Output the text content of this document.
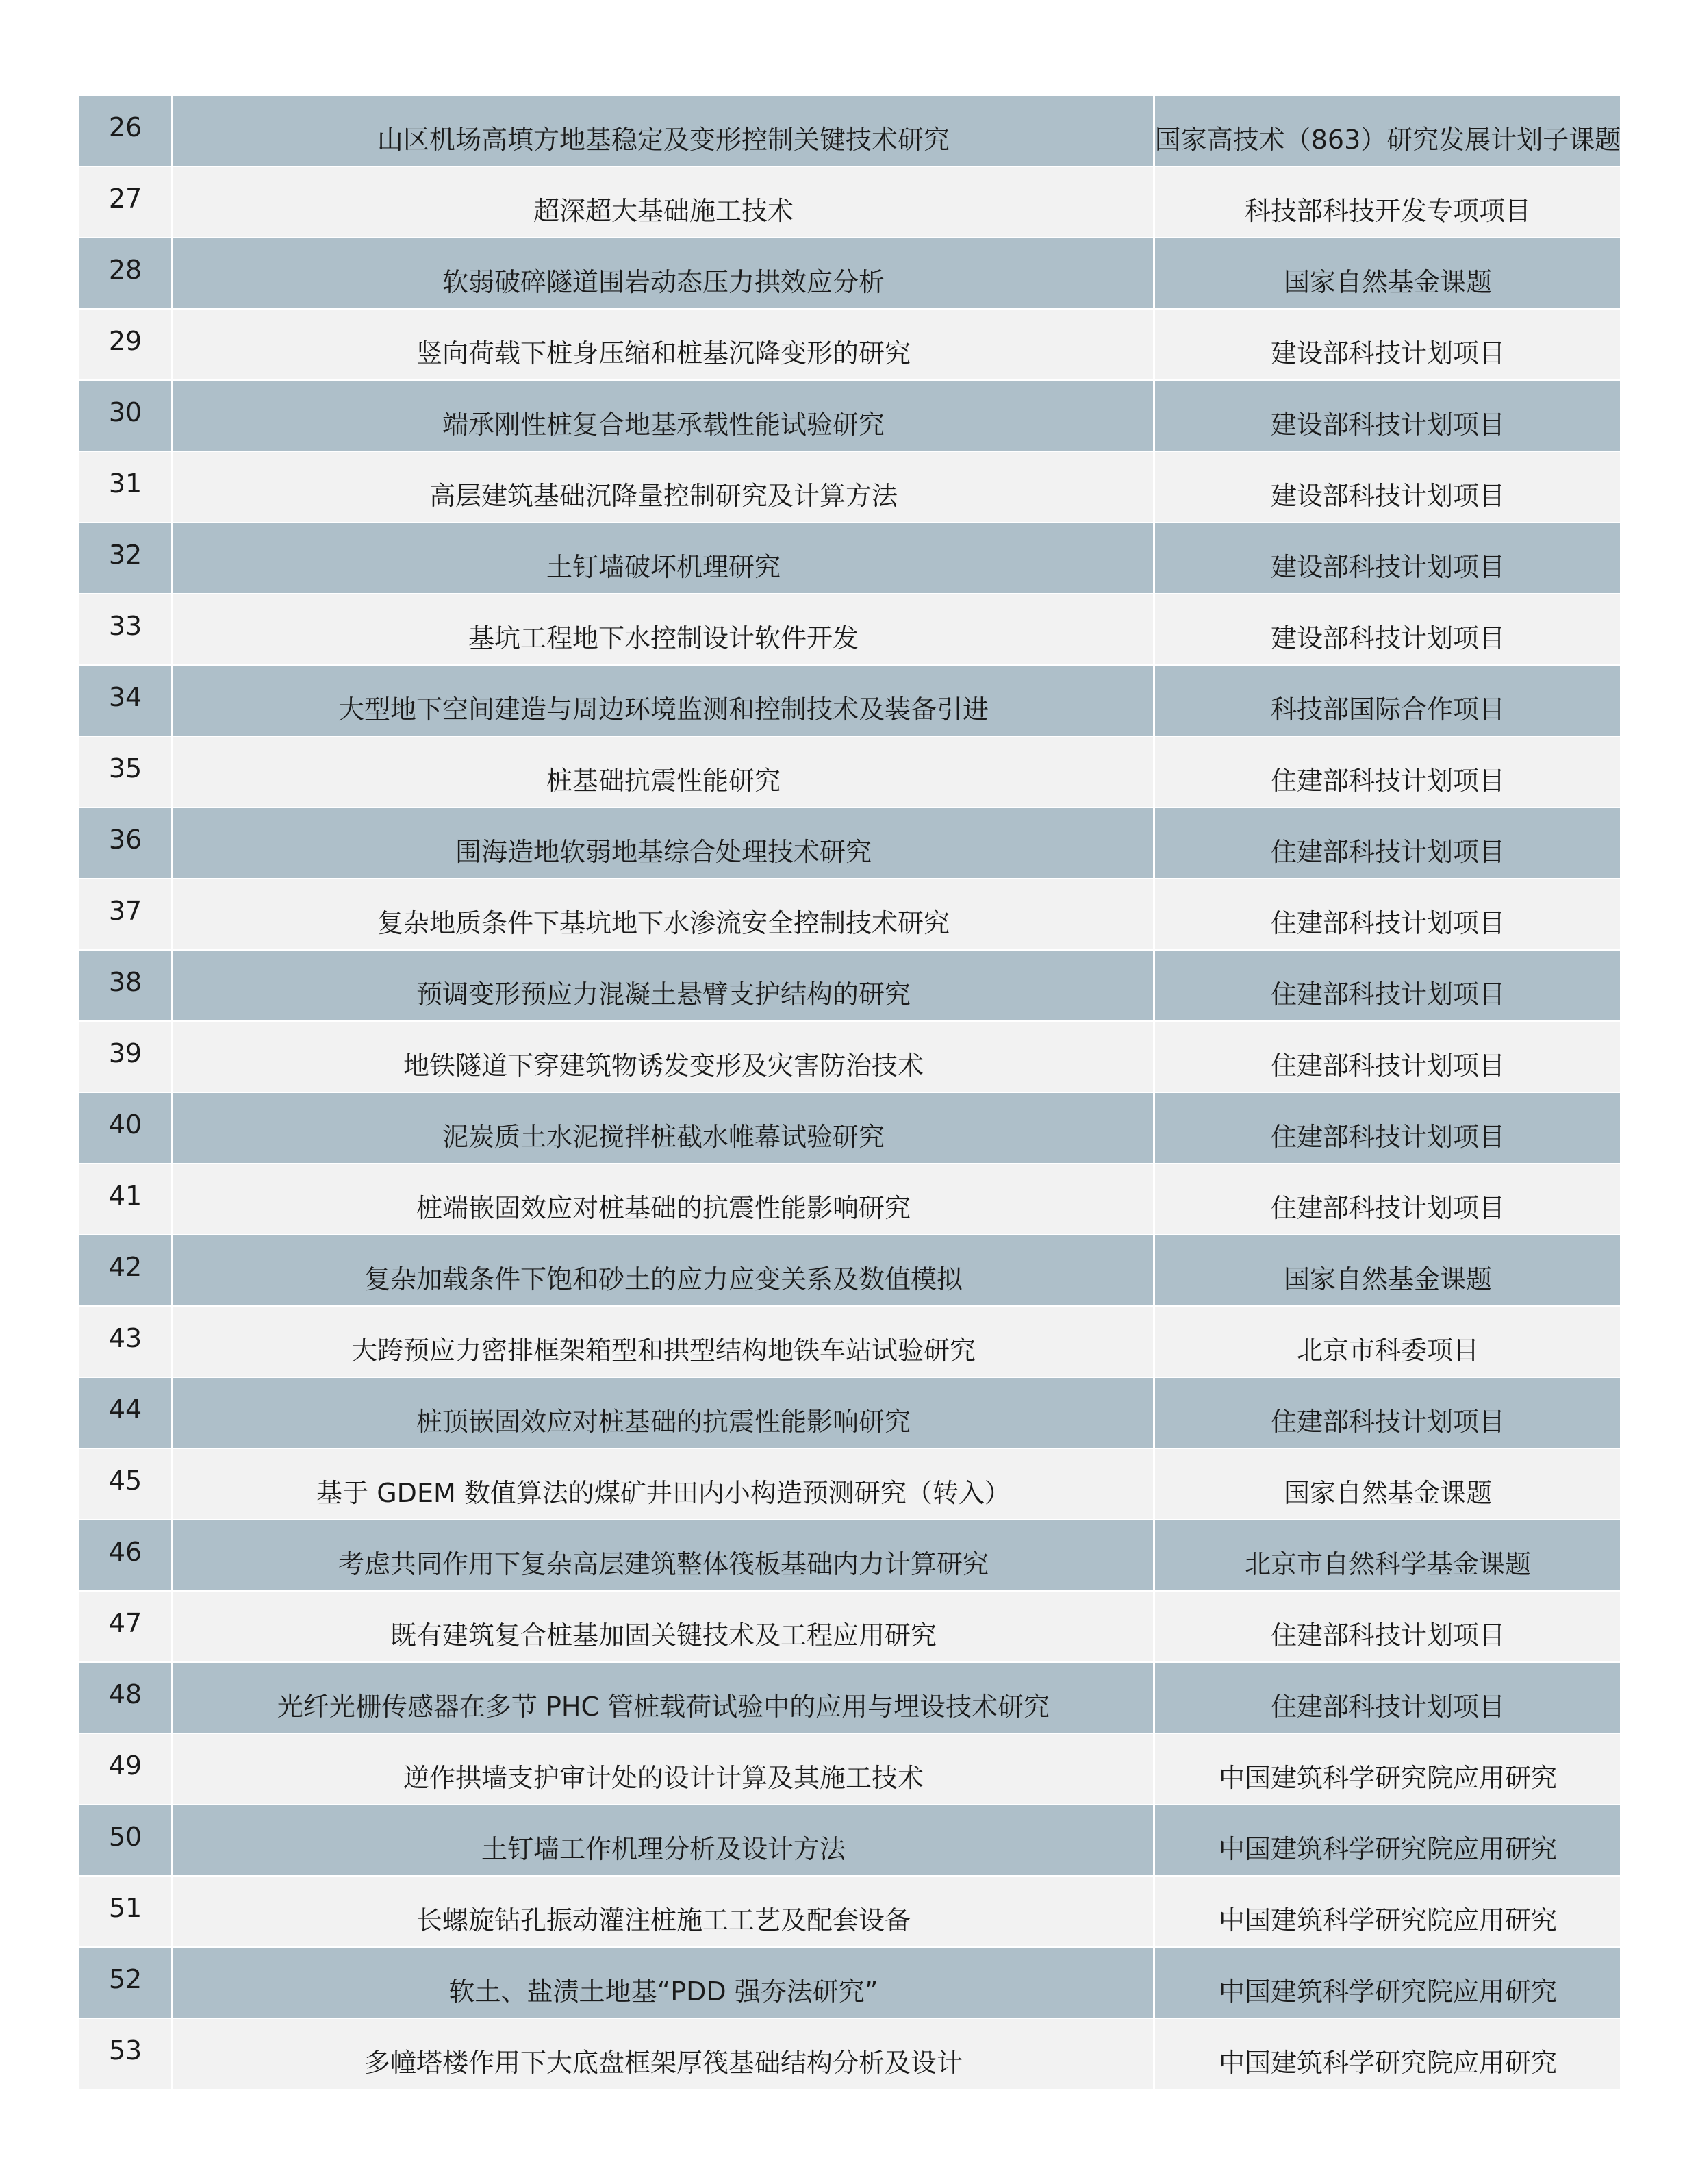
26	山区机场高填方地基稳定及变形控制关键技术研究	国家高技术（863）研究发展计划子课题
27	超深超大基础施工技术	科技部科技开发专项项目
28	软弱破碎隧道围岩动态压力拱效应分析	国家自然基金课题
29	竖向荷载下桩身压缩和桩基沉降变形的研究	建设部科技计划项目
30	端承刚性桩复合地基承载性能试验研究	建设部科技计划项目
31	高层建筑基础沉降量控制研究及计算方法	建设部科技计划项目
32	土钉墙破坏机理研究	建设部科技计划项目
33	基坑工程地下水控制设计软件开发	建设部科技计划项目
34	大型地下空间建造与周边环境监测和控制技术及装备引进	科技部国际合作项目
35	桩基础抗震性能研究	住建部科技计划项目
36	围海造地软弱地基综合处理技术研究	住建部科技计划项目
37	复杂地质条件下基坑地下水渗流安全控制技术研究	住建部科技计划项目
38	预调变形预应力混凝土悬臂支护结构的研究	住建部科技计划项目
39	地铁隧道下穿建筑物诱发变形及灾害防治技术	住建部科技计划项目
40	泥炭质土水泥搅拌桩截水帷幕试验研究	住建部科技计划项目
41	桩端嵌固效应对桩基础的抗震性能影响研究	住建部科技计划项目
42	复杂加载条件下饱和砂土的应力应变关系及数值模拟	国家自然基金课题
43	大跨预应力密排框架箱型和拱型结构地铁车站试验研究	北京市科委项目
44	桩顶嵌固效应对桩基础的抗震性能影响研究	住建部科技计划项目
45	基于 GDEM 数值算法的煤矿井田内小构造预测研究（转入）	国家自然基金课题
46	考虑共同作用下复杂高层建筑整体筏板基础内力计算研究	北京市自然科学基金课题
47	既有建筑复合桩基加固关键技术及工程应用研究	住建部科技计划项目
48	光纤光栅传感器在多节 PHC 管桩载荷试验中的应用与埋设技术研究	住建部科技计划项目
49	逆作拱墙支护审计处的设计计算及其施工技术	中国建筑科学研究院应用研究
50	土钉墙工作机理分析及设计方法	中国建筑科学研究院应用研究
51	长螺旋钻孔振动灌注桩施工工艺及配套设备	中国建筑科学研究院应用研究
52	软土、盐渍土地基“PDD 强夯法研究”	中国建筑科学研究院应用研究
53	多幢塔楼作用下大底盘框架厚筏基础结构分析及设计	中国建筑科学研究院应用研究
